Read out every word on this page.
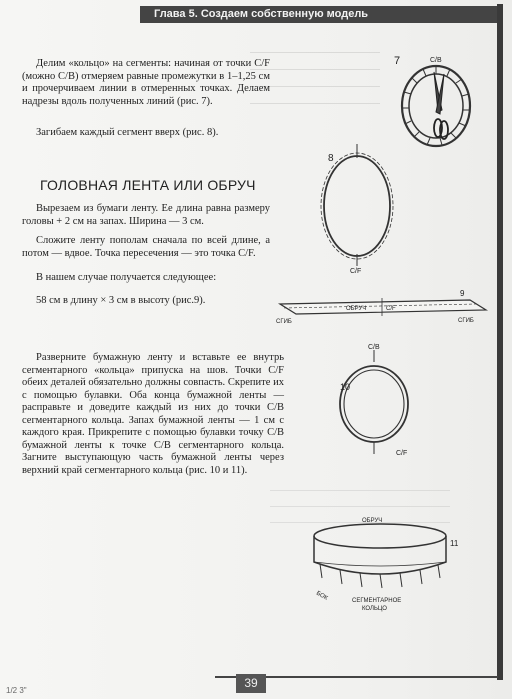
Глава 5. Создаем собственную модель
Делим «кольцо» на сегменты: начиная от точки С/F (можно С/В) отмеряем равные промежутки в 1–1,25 см и прочерчиваем линии в отмеренных точках. Делаем надрезы вдоль полученных линий (рис. 7).
Загибаем каждый сегмент вверх (рис. 8).
ГОЛОВНАЯ ЛЕНТА ИЛИ ОБРУЧ
Вырезаем из бумаги ленту. Ее длина равна размеру головы + 2 см на запах. Ширина — 3 см.
Сложите ленту пополам сначала по всей длине, а потом — вдвое. Точка пересечения — это точка С/F.
В нашем случае получается следующее:
58 см в длину × 3 см в высоту (рис.9).
Разверните бумажную ленту и вставьте ее внутрь сегментарного «кольца» припуска на шов. Точки С/F обеих деталей обязательно должны совпасть. Скрепите их с помощью булавки. Оба конца бумажной ленты — расправьте и доведите каждый из них до точки С/В сегментарного кольца. Запах бумажной ленты — 1 см с каждого края. Прикрепите с помощью булавки точку С/В бумажной ленты к точке С/В сегментарного кольца. Загните выступающую часть бумажной ленты через верхний край сегментарного кольца (рис. 10 и 11).
7	С/В
8
С/F
9
СГИБ
ОБРУЧ	С/F
СГИБ
10
С/В
С/F
11
ОБРУЧ
БОК	СЕГМЕНТАРНОЕ
КОЛЬЦО
39
1/2 3"
